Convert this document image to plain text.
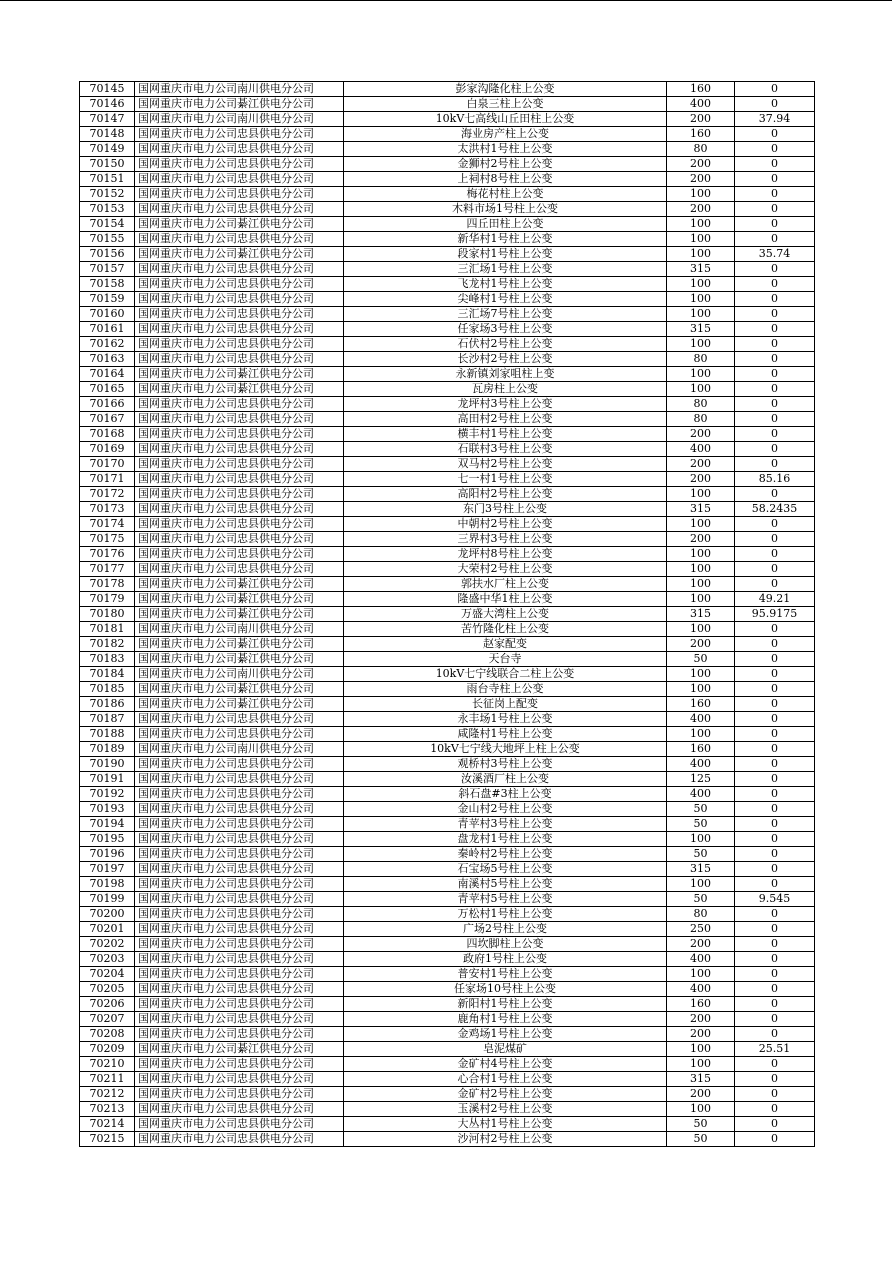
70145	国网重庆市电力公司南川供电分公司	彭家沟隆化柱上公变	160	0
70146	国网重庆市电力公司綦江供电分公司	白泉三柱上公变	400	0
70147	国网重庆市电力公司南川供电分公司	10kV七高线山丘田柱上公变	200	37.94
70148	国网重庆市电力公司忠县供电分公司	海业房产柱上公变	160	0
70149	国网重庆市电力公司忠县供电分公司	太洪村1号柱上公变	80	0
70150	国网重庆市电力公司忠县供电分公司	金狮村2号柱上公变	200	0
70151	国网重庆市电力公司忠县供电分公司	上祠村8号柱上公变	200	0
70152	国网重庆市电力公司忠县供电分公司	梅花村柱上公变	100	0
70153	国网重庆市电力公司忠县供电分公司	木料市场1号柱上公变	200	0
70154	国网重庆市电力公司綦江供电分公司	四丘田柱上公变	100	0
70155	国网重庆市电力公司忠县供电分公司	新华村1号柱上公变	100	0
70156	国网重庆市电力公司綦江供电分公司	段家村1号柱上公变	100	35.74
70157	国网重庆市电力公司忠县供电分公司	三汇场1号柱上公变	315	0
70158	国网重庆市电力公司忠县供电分公司	飞龙村1号柱上公变	100	0
70159	国网重庆市电力公司忠县供电分公司	尖峰村1号柱上公变	100	0
70160	国网重庆市电力公司忠县供电分公司	三汇场7号柱上公变	100	0
70161	国网重庆市电力公司忠县供电分公司	任家场3号柱上公变	315	0
70162	国网重庆市电力公司忠县供电分公司	石伏村2号柱上公变	100	0
70163	国网重庆市电力公司忠县供电分公司	长沙村2号柱上公变	80	0
70164	国网重庆市电力公司綦江供电分公司	永新镇刘家咀柱上变	100	0
70165	国网重庆市电力公司綦江供电分公司	瓦房柱上公变	100	0
70166	国网重庆市电力公司忠县供电分公司	龙坪村3号柱上公变	80	0
70167	国网重庆市电力公司忠县供电分公司	高田村2号柱上公变	80	0
70168	国网重庆市电力公司忠县供电分公司	横丰村1号柱上公变	200	0
70169	国网重庆市电力公司忠县供电分公司	石联村3号柱上公变	400	0
70170	国网重庆市电力公司忠县供电分公司	双马村2号柱上公变	200	0
70171	国网重庆市电力公司忠县供电分公司	七一村1号柱上公变	200	85.16
70172	国网重庆市电力公司忠县供电分公司	高阳村2号柱上公变	100	0
70173	国网重庆市电力公司忠县供电分公司	东门3号柱上公变	315	58.2435
70174	国网重庆市电力公司忠县供电分公司	中朝村2号柱上公变	100	0
70175	国网重庆市电力公司忠县供电分公司	三界村3号柱上公变	200	0
70176	国网重庆市电力公司忠县供电分公司	龙坪村8号柱上公变	100	0
70177	国网重庆市电力公司忠县供电分公司	大荣村2号柱上公变	100	0
70178	国网重庆市电力公司綦江供电分公司	郭扶水厂柱上公变	100	0
70179	国网重庆市电力公司綦江供电分公司	隆盛中华1柱上公变	100	49.21
70180	国网重庆市电力公司綦江供电分公司	万盛大湾柱上公变	315	95.9175
70181	国网重庆市电力公司南川供电分公司	苦竹隆化柱上公变	100	0
70182	国网重庆市电力公司綦江供电分公司	赵家配变	200	0
70183	国网重庆市电力公司綦江供电分公司	天台寺	50	0
70184	国网重庆市电力公司南川供电分公司	10kV七宁线联合二柱上公变	100	0
70185	国网重庆市电力公司綦江供电分公司	雨台寺柱上公变	100	0
70186	国网重庆市电力公司綦江供电分公司	长征岗上配变	160	0
70187	国网重庆市电力公司忠县供电分公司	永丰场1号柱上公变	400	0
70188	国网重庆市电力公司忠县供电分公司	咸隆村1号柱上公变	100	0
70189	国网重庆市电力公司南川供电分公司	10kV七宁线大地坪上柱上公变	160	0
70190	国网重庆市电力公司忠县供电分公司	观桥村3号柱上公变	400	0
70191	国网重庆市电力公司忠县供电分公司	汝溪酒厂柱上公变	125	0
70192	国网重庆市电力公司忠县供电分公司	斜石盘#3柱上公变	400	0
70193	国网重庆市电力公司忠县供电分公司	金山村2号柱上公变	50	0
70194	国网重庆市电力公司忠县供电分公司	青苹村3号柱上公变	50	0
70195	国网重庆市电力公司忠县供电分公司	盘龙村1号柱上公变	100	0
70196	国网重庆市电力公司忠县供电分公司	秦岭村2号柱上公变	50	0
70197	国网重庆市电力公司忠县供电分公司	石宝场5号柱上公变	315	0
70198	国网重庆市电力公司忠县供电分公司	南溪村5号柱上公变	100	0
70199	国网重庆市电力公司忠县供电分公司	青苹村5号柱上公变	50	9.545
70200	国网重庆市电力公司忠县供电分公司	万松村1号柱上公变	80	0
70201	国网重庆市电力公司忠县供电分公司	广场2号柱上公变	250	0
70202	国网重庆市电力公司忠县供电分公司	四坎脚柱上公变	200	0
70203	国网重庆市电力公司忠县供电分公司	政府1号柱上公变	400	0
70204	国网重庆市电力公司忠县供电分公司	普安村1号柱上公变	100	0
70205	国网重庆市电力公司忠县供电分公司	任家场10号柱上公变	400	0
70206	国网重庆市电力公司忠县供电分公司	新阳村1号柱上公变	160	0
70207	国网重庆市电力公司忠县供电分公司	鹿角村1号柱上公变	200	0
70208	国网重庆市电力公司忠县供电分公司	金鸡场1号柱上公变	200	0
70209	国网重庆市电力公司綦江供电分公司	皂泥煤矿	100	25.51
70210	国网重庆市电力公司忠县供电分公司	金矿村4号柱上公变	100	0
70211	国网重庆市电力公司忠县供电分公司	心合村1号柱上公变	315	0
70212	国网重庆市电力公司忠县供电分公司	金矿村2号柱上公变	200	0
70213	国网重庆市电力公司忠县供电分公司	玉溪村2号柱上公变	100	0
70214	国网重庆市电力公司忠县供电分公司	大丛村1号柱上公变	50	0
70215	国网重庆市电力公司忠县供电分公司	沙河村2号柱上公变	50	0
